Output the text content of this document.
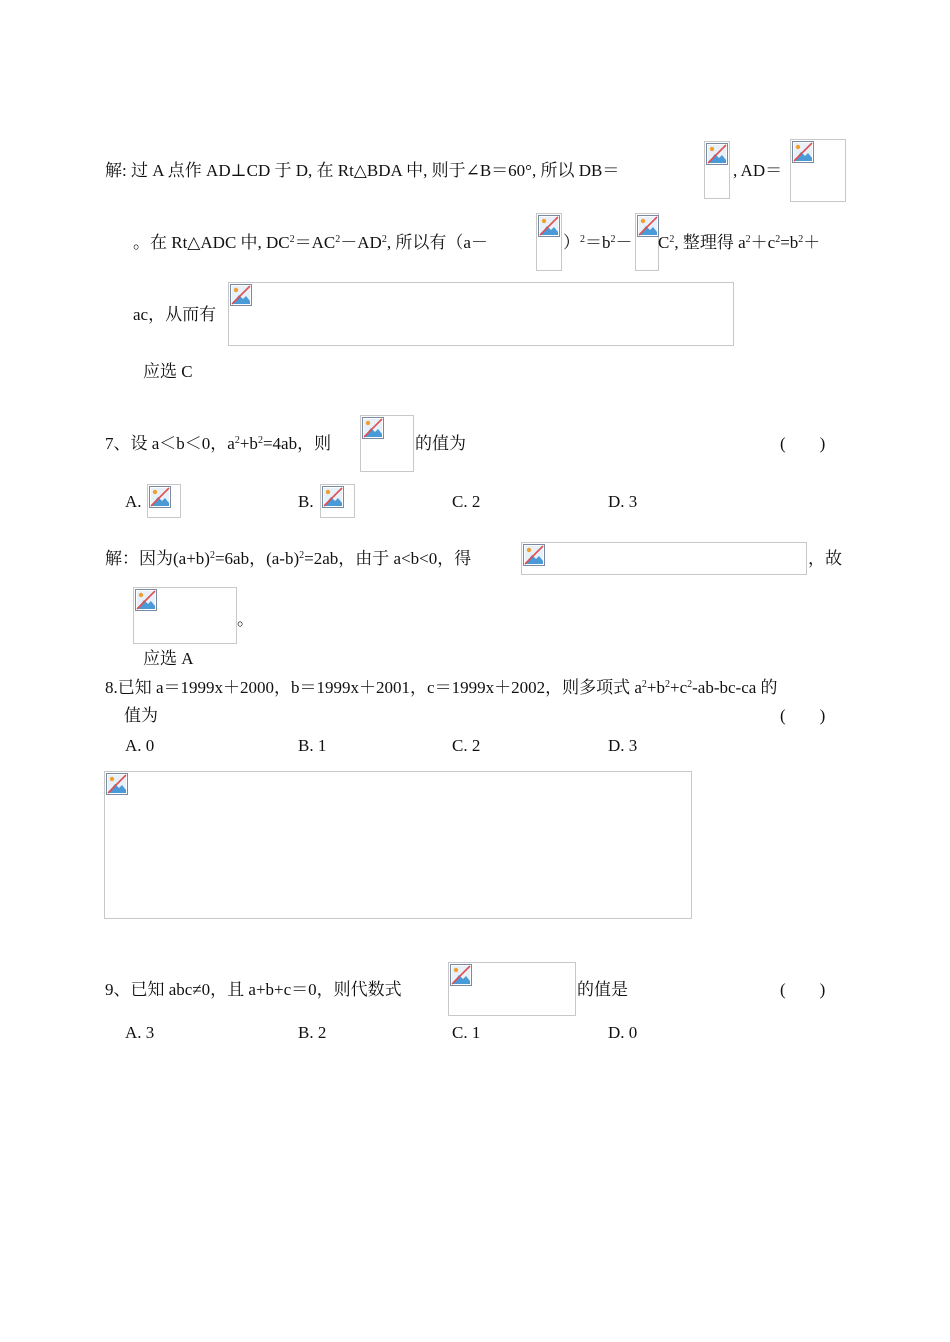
解: 过 A 点作 AD⊥CD 于 D, 在 Rt△BDA 中, 则于∠B＝60°, 所以 DB＝	, AD＝
。在 Rt△ADC 中, $DC^2=AC^2-AD^2$, 所以有（a－	）$^2=b^2- C^2$, 整理得 $a^2+c^2=b^2+$
ac，从而有
应选 C
7、设 a＜b＜0，$a^2+b^2=4ab$，则	的值为	(        )
A.	B.	C. 2	D. 3
解：因为$(a+b)^2=6ab$，$(a-b)^2=2ab$，由于 a<b<0，得	，故
。
应选 A
8.已知 a＝1999x＋2000，b＝1999x＋2001，c＝1999x＋2002，则多项式 $a^2+b^2+c^2-ab-bc-ca$ 的
值为	(        )
A. 0	B. 1	C. 2	D. 3
9、已知 abc≠0，且 a+b+c＝0，则代数式	的值是	(        )
A. 3	B. 2	C. 1	D. 0
